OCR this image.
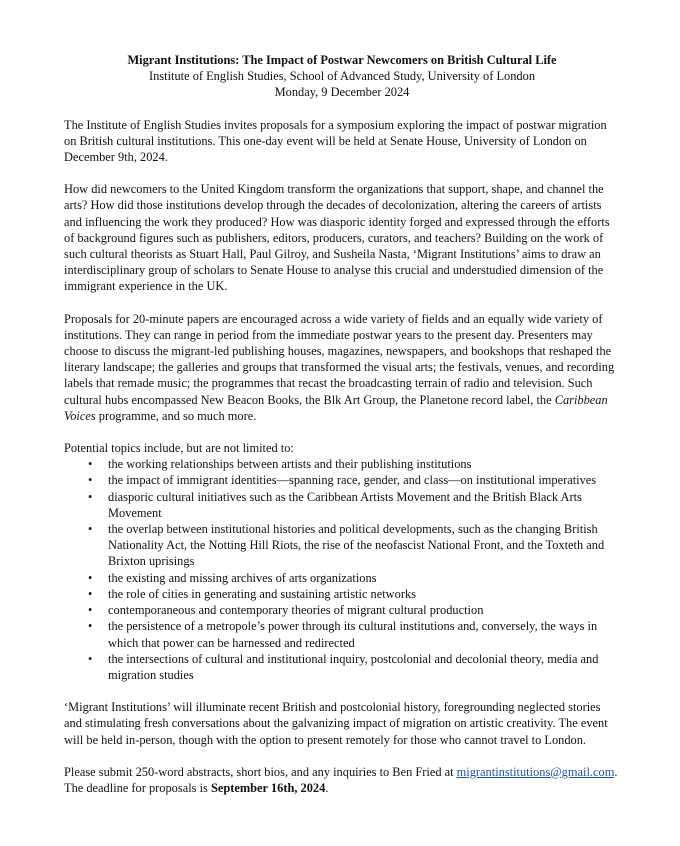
Migrant Institutions: The Impact of Postwar Newcomers on British Cultural Life
Institute of English Studies, School of Advanced Study, University of London
Monday, 9 December 2024

The Institute of English Studies invites proposals for a symposium exploring the impact of postwar migration on British cultural institutions. This one-day event will be held at Senate House, University of London on December 9th, 2024.

How did newcomers to the United Kingdom transform the organizations that support, shape, and channel the arts? How did those institutions develop through the decades of decolonization, altering the careers of artists and influencing the work they produced? How was diasporic identity forged and expressed through the efforts of background figures such as publishers, editors, producers, curators, and teachers? Building on the work of such cultural theorists as Stuart Hall, Paul Gilroy, and Susheila Nasta, ‘Migrant Institutions’ aims to draw an interdisciplinary group of scholars to Senate House to analyse this crucial and understudied dimension of the immigrant experience in the UK.

Proposals for 20-minute papers are encouraged across a wide variety of fields and an equally wide variety of institutions. They can range in period from the immediate postwar years to the present day. Presenters may choose to discuss the migrant-led publishing houses, magazines, newspapers, and bookshops that reshaped the literary landscape; the galleries and groups that transformed the visual arts; the festivals, venues, and recording labels that remade music; the programmes that recast the broadcasting terrain of radio and television. Such cultural hubs encompassed New Beacon Books, the Blk Art Group, the Planetone record label, the Caribbean Voices programme, and so much more.

Potential topics include, but are not limited to:
• the working relationships between artists and their publishing institutions
• the impact of immigrant identities—spanning race, gender, and class—on institutional imperatives
• diasporic cultural initiatives such as the Caribbean Artists Movement and the British Black Arts Movement
• the overlap between institutional histories and political developments, such as the changing British Nationality Act, the Notting Hill Riots, the rise of the neofascist National Front, and the Toxteth and Brixton uprisings
• the existing and missing archives of arts organizations
• the role of cities in generating and sustaining artistic networks
• contemporaneous and contemporary theories of migrant cultural production
• the persistence of a metropole’s power through its cultural institutions and, conversely, the ways in which that power can be harnessed and redirected
• the intersections of cultural and institutional inquiry, postcolonial and decolonial theory, media and migration studies

‘Migrant Institutions’ will illuminate recent British and postcolonial history, foregrounding neglected stories and stimulating fresh conversations about the galvanizing impact of migration on artistic creativity. The event will be held in-person, though with the option to present remotely for those who cannot travel to London.

Please submit 250-word abstracts, short bios, and any inquiries to Ben Fried at migrantinstitutions@gmail.com. The deadline for proposals is September 16th, 2024.
